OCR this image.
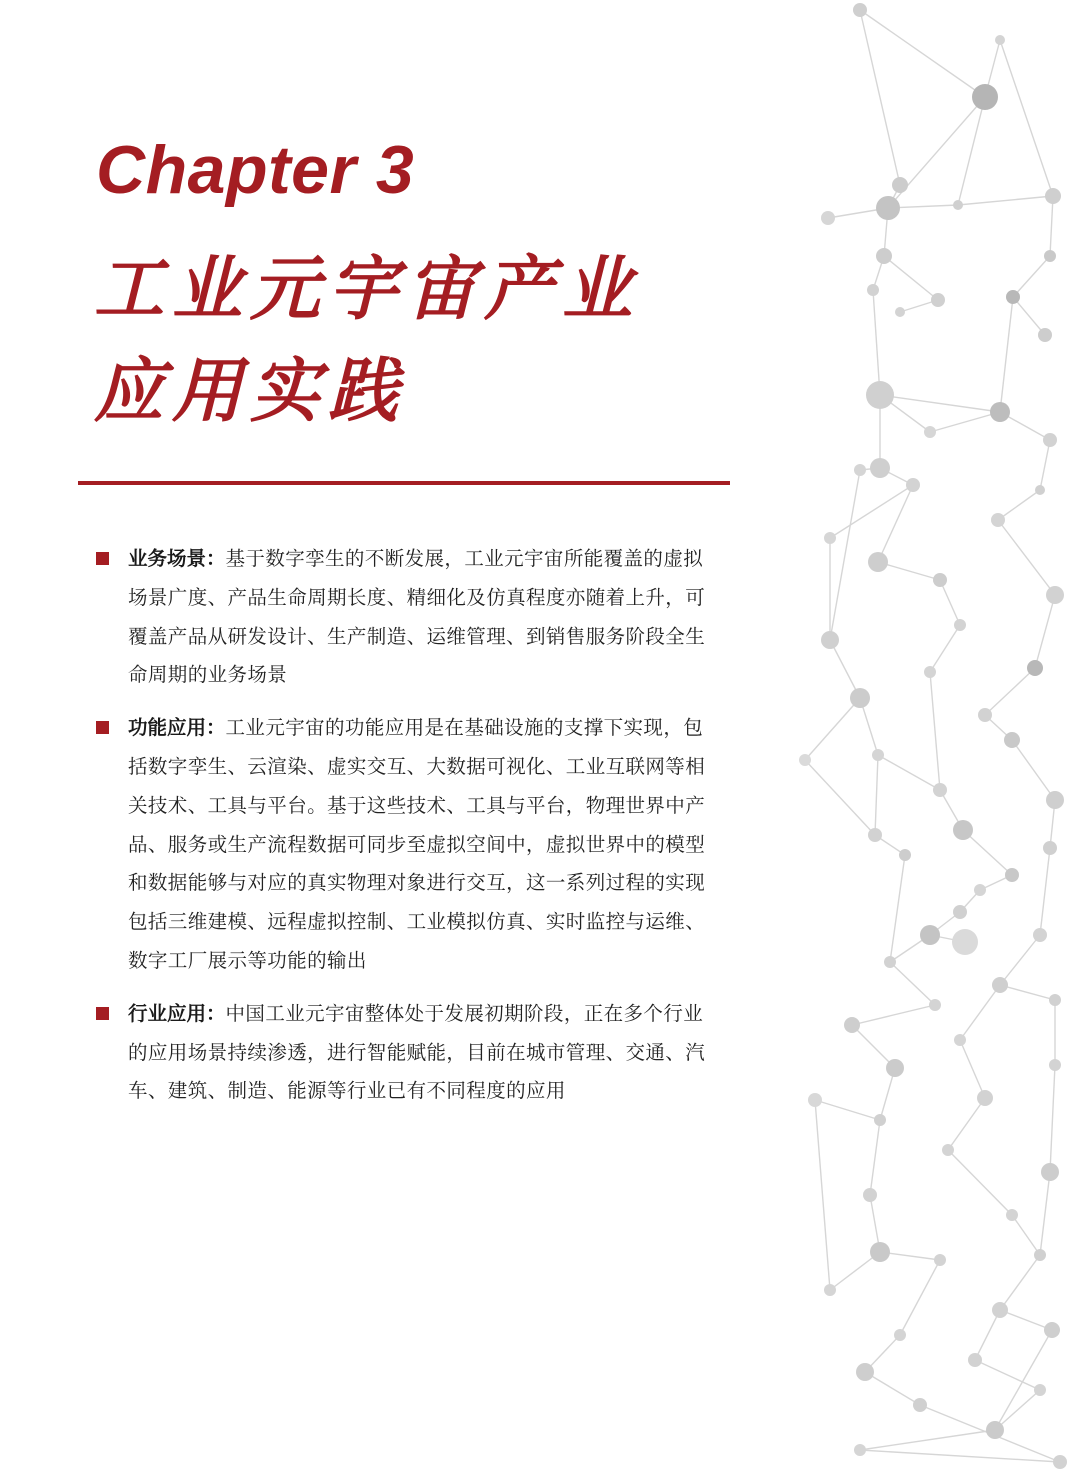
Chapter 3
工业元宇宙产业
应用实践
业务场景：基于数字孪生的不断发展，工业元宇宙所能覆盖的虚拟场景广度、产品生命周期长度、精细化及仿真程度亦随着上升，可覆盖产品从研发设计、生产制造、运维管理、到销售服务阶段全生命周期的业务场景
功能应用：工业元宇宙的功能应用是在基础设施的支撑下实现，包括数字孪生、云渲染、虚实交互、大数据可视化、工业互联网等相关技术、工具与平台。基于这些技术、工具与平台，物理世界中产品、服务或生产流程数据可同步至虚拟空间中，虚拟世界中的模型和数据能够与对应的真实物理对象进行交互，这一系列过程的实现包括三维建模、远程虚拟控制、工业模拟仿真、实时监控与运维、数字工厂展示等功能的输出
行业应用：中国工业元宇宙整体处于发展初期阶段，正在多个行业的应用场景持续渗透，进行智能赋能，目前在城市管理、交通、汽车、建筑、制造、能源等行业已有不同程度的应用
